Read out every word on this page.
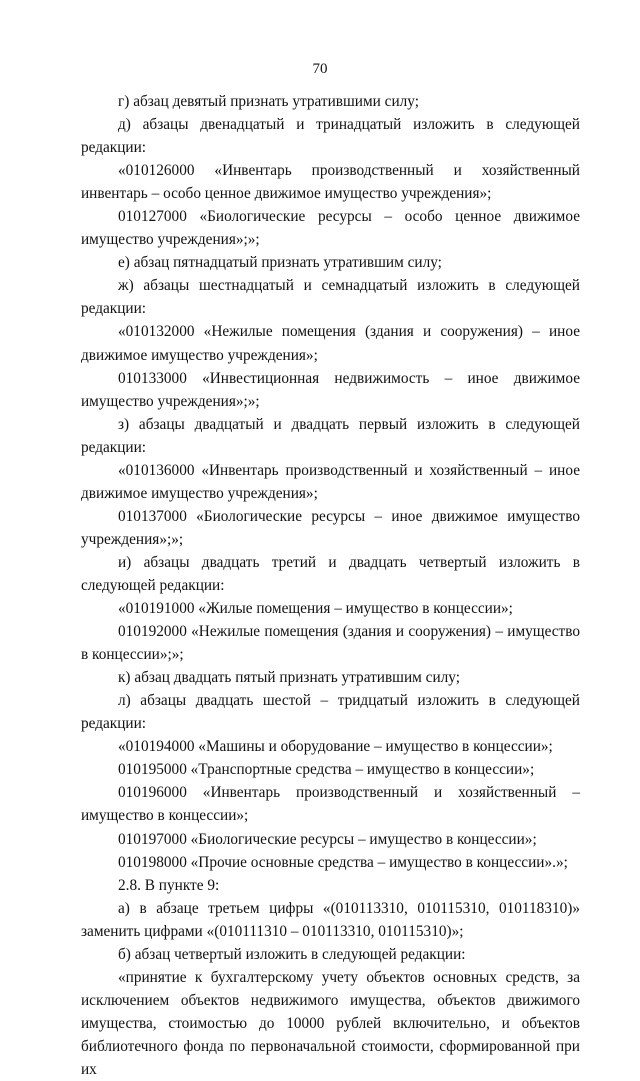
70

г) абзац девятый признать утратившими силу;

д) абзацы двенадцатый и тринадцатый изложить в следующей редакции:

«010126000 «Инвентарь производственный и хозяйственный инвентарь – особо ценное движимое имущество учреждения»;

010127000 «Биологические ресурсы – особо ценное движимое имущество учреждения»;»;

е) абзац пятнадцатый признать утратившим силу;

ж) абзацы шестнадцатый и семнадцатый изложить в следующей редакции:

«010132000 «Нежилые помещения (здания и сооружения) – иное движимое имущество учреждения»;

010133000 «Инвестиционная недвижимость – иное движимое имущество учреждения»;»;

з) абзацы двадцатый и двадцать первый изложить в следующей редакции:

«010136000 «Инвентарь производственный и хозяйственный – иное движимое имущество учреждения»;

010137000 «Биологические ресурсы – иное движимое имущество учреждения»;»;

и) абзацы двадцать третий и двадцать четвертый изложить в следующей редакции:

«010191000 «Жилые помещения – имущество в концессии»;

010192000 «Нежилые помещения (здания и сооружения) – имущество в концессии»;»;

к) абзац двадцать пятый признать утратившим силу;

л) абзацы двадцать шестой – тридцатый изложить в следующей редакции:

«010194000 «Машины и оборудование – имущество в концессии»;

010195000 «Транспортные средства – имущество в концессии»;

010196000 «Инвентарь производственный и хозяйственный – имущество в концессии»;

010197000 «Биологические ресурсы – имущество в концессии»;

010198000 «Прочие основные средства – имущество в концессии».»;

2.8. В пункте 9:

а) в абзаце третьем цифры «(010113310, 010115310, 010118310)» заменить цифрами «(010111310 – 010113310, 010115310)»;

б) абзац четвертый изложить в следующей редакции:

«принятие к бухгалтерскому учету объектов основных средств, за исключением объектов недвижимого имущества, объектов движимого имущества, стоимостью до 10000 рублей включительно, и объектов библиотечного фонда по первоначальной стоимости, сформированной при их
